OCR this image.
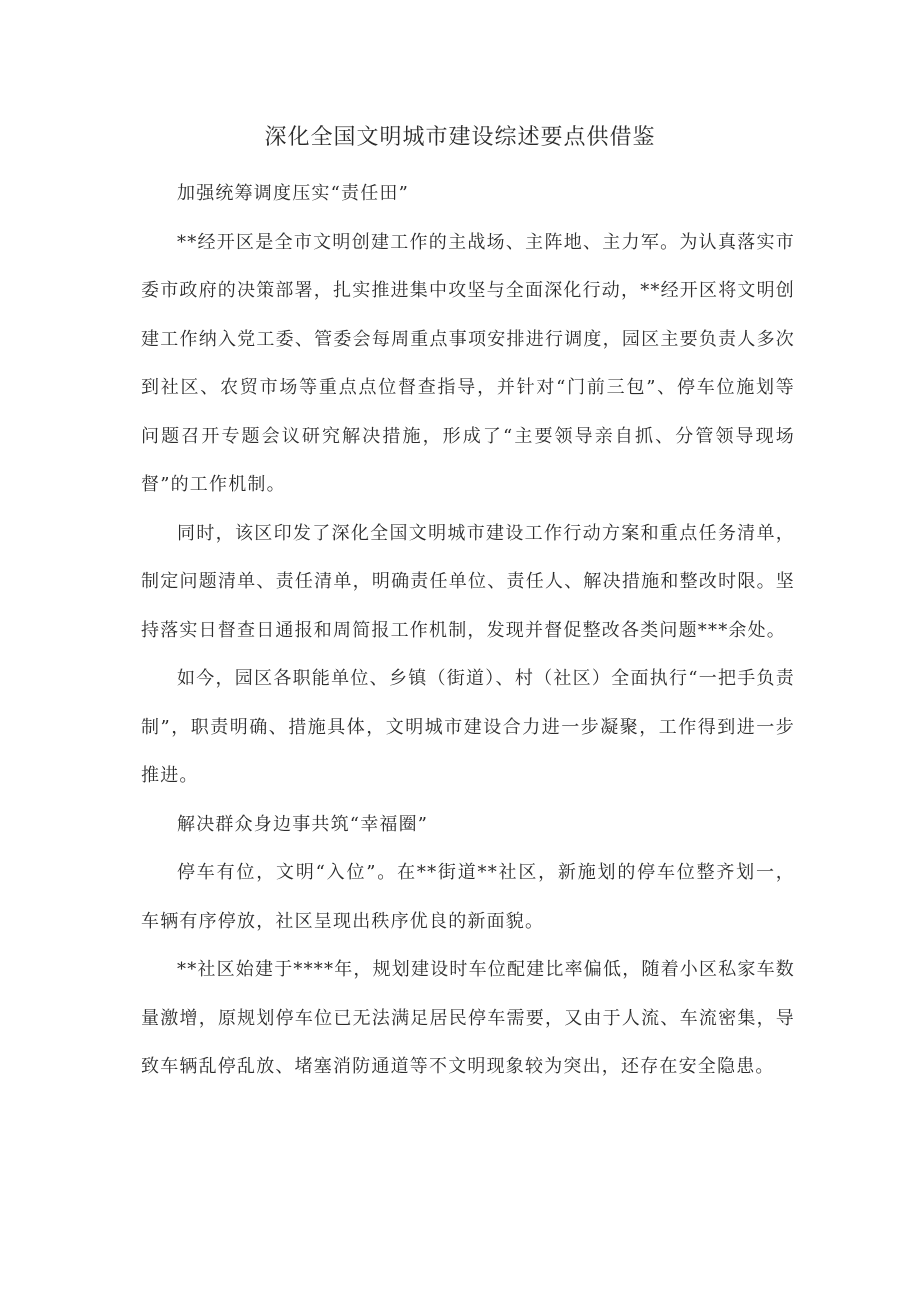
深化全国文明城市建设综述要点供借鉴

加强统筹调度压实“责任田”

**经开区是全市文明创建工作的主战场、主阵地、主力军。为认真落实市委市政府的决策部署，扎实推进集中攻坚与全面深化行动，**经开区将文明创建工作纳入党工委、管委会每周重点事项安排进行调度，园区主要负责人多次到社区、农贸市场等重点点位督查指导，并针对“门前三包”、停车位施划等问题召开专题会议研究解决措施，形成了“主要领导亲自抓、分管领导现场督”的工作机制。

同时，该区印发了深化全国文明城市建设工作行动方案和重点任务清单，制定问题清单、责任清单，明确责任单位、责任人、解决措施和整改时限。坚持落实日督查日通报和周简报工作机制，发现并督促整改各类问题***余处。

如今，园区各职能单位、乡镇（街道）、村（社区）全面执行“一把手负责制”，职责明确、措施具体，文明城市建设合力进一步凝聚，工作得到进一步推进。

解决群众身边事共筑“幸福圈”

停车有位，文明“入位”。在**街道**社区，新施划的停车位整齐划一，车辆有序停放，社区呈现出秩序优良的新面貌。

**社区始建于****年，规划建设时车位配建比率偏低，随着小区私家车数量激增，原规划停车位已无法满足居民停车需要，又由于人流、车流密集，导致车辆乱停乱放、堵塞消防通道等不文明现象较为突出，还存在安全隐患。
